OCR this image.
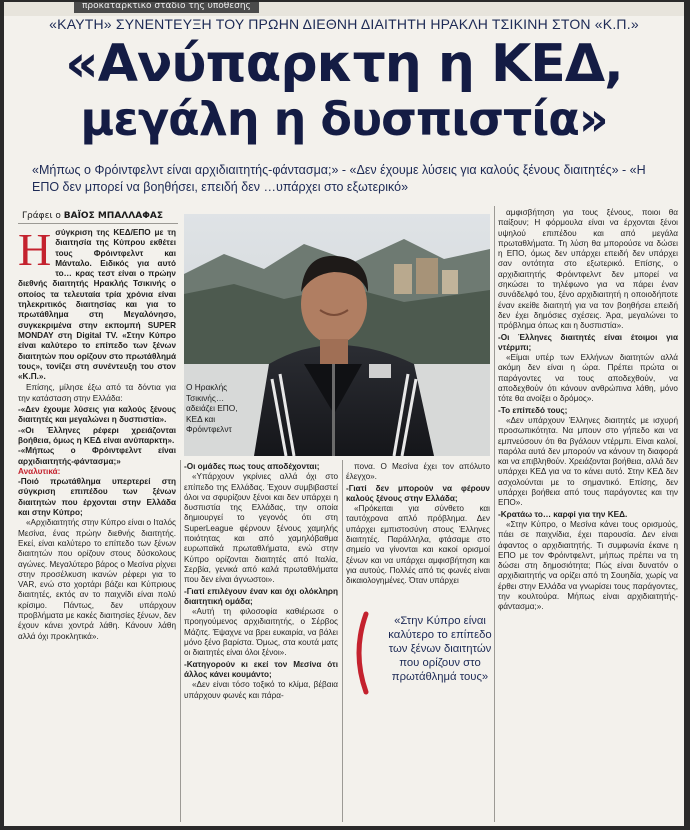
προκαταρκτικό στάδιο της υπόθεσης
«ΚΑΥΤΗ» ΣΥΝΕΝΤΕΥΞΗ ΤΟΥ ΠΡΩΗΝ ΔΙΕΘΝΗ ΔΙΑΙΤΗΤΗ ΗΡΑΚΛΗ ΤΣΙΚΙΝΗ ΣΤΟΝ «Κ.Π.»
«Ανύπαρκτη η ΚΕΔ,
μεγάλη η δυσπιστία»
«Μήπως ο Φρόιντφελντ είναι αρχιδιαιτητής-φάντασμα;» - «Δεν έχουμε λύσεις για καλούς ξένους διαιτητές» - «Η ΕΠΟ δεν μπορεί να βοηθήσει, επειδή δεν …υπάρχει στο εξωτερικό»
Γράφει ο ΒΑΪΟΣ ΜΠΑΛΛΑΦΑΣ
Η σύγκριση της ΚΕΔ/ΕΠΟ με τη διαιτησία της Κύπρου εκθέτει τους Φρόιντφελντ και Μάνταλο. Ειδικός για αυτό το… κρας τεστ είναι ο πρώην διεθνής διαιτητής Ηρακλής Τσικινής ο οποίος τα τελευταία τρία χρόνια είναι τηλεκριτικός διαιτησίας και για το πρωτάθλημα στη Μεγαλόνησο, συγκεκριμένα στην εκπομπή SUPER MONDAY στη Digital TV. «Στην Κύπρο είναι καλύτερο το επίπεδο των ξένων διαιτητών που ορίζουν στο πρωτάθλημά τους», τονίζει στη συνέντευξη του στον «Κ.Π.».

Επίσης, μίλησε έξω από τα δόντια για την κατάσταση στην Ελλάδα:

-«Δεν έχουμε λύσεις για καλούς ξένους διαιτητές και μεγαλώνει η δυσπιστία».

-«Οι Έλληνες ρέφερι χρειάζονται βοήθεια, όμως η ΚΕΔ είναι ανύπαρκτη».

-«Μήπως ο Φρόιντφελντ είναι αρχιδιαιτητής-φάντασμα;»

Αναλυτικά:

-Ποιό πρωτάθλημα υπερτερεί στη σύγκριση επιπέδου των ξένων διαιτητών που έρχονται στην Ελλάδα και στην Κύπρο;

«Αρχιδιαιτητής στην Κύπρο είναι ο Ιταλός Μεσίνα, ένας πρώην διεθνής διαιτητής. Εκεί, είναι καλύτερο το επίπεδο των ξένων διαιτητών που ορίζουν στους δύσκολους αγώνες. Μεγαλύτερο βάρος ο Μεσίνα ρίχνει στην προσέλκυση ικανών ρέφερι για το VAR, ενώ στο χορτάρι βάζει και Κύπριους διαιτητές, εκτός αν το παιχνίδι είναι πολύ κρίσιμο. Πάντως, δεν υπάρχουν προβλήματα με κακές διαιτησίες ξένων, δεν έχουν κάνει χοντρά λάθη. Κάνουν λάθη αλλά όχι προκλητικά».

Ο Ηρακλής Τσικινής… αδειάζει ΕΠΟ, ΚΕΔ και Φρόιντφελντ

-Οι ομάδες πως τους αποδέχονται;

«Υπάρχουν γκρίνιες αλλά όχι στο επίπεδο της Ελλάδας. Έχουν συμβιβαστεί όλοι να σφυρίζουν ξένοι και δεν υπάρχει η δυσπιστία της Ελλάδας, την οποία δημιουργεί το γεγονός ότι στη SuperLeague φέρνουν ξένους χαμηλής ποιότητας και από χαμηλόβαθμα ευρωπαϊκά πρωταθλήματα, ενώ στην Κύπρο ορίζονται διαιτητές από Ιταλία, Σερβία, γενικά από καλά πρωταθλήματα που δεν είναι άγνωστοι».

-Γιατί επιλέγουν έναν και όχι ολόκληρη διαιτητική ομάδα;

«Αυτή τη φιλοσοφία καθιέρωσε ο προηγούμενος αρχιδιαιτητής, ο Σέρβος Μάζιτς. Έψαχνε να βρει ευκαιρία, να βάλει μόνο ξένο βαρίστα. Όμως, στα κουτά ματς οι διαιτητές είναι όλοι ξένοι».

-Κατηγορούν κι εκεί τον Μεσίνα ότι άλλος κάνει κουμάντο;

«Δεν είναι τόσο τοξικό το κλίμα, βέβαια υπάρχουν φωνές και πάρα-

πονα. Ο Μεσίνα έχει τον απόλυτο έλεγχο».

-Γιατί δεν μπορούν να φέρουν καλούς ξένους στην Ελλάδα;

«Πρόκειται για σύνθετο και ταυτόχρονα απλό πρόβλημα. Δεν υπάρχει εμπιστοσύνη στους Έλληνες διαιτητές. Παράλληλα, φτάσαμε στο σημείο να γίνονται και κακοί ορισμοί ξένων και να υπάρχει αμφισβήτηση και για αυτούς. Πολλές από τις φωνές είναι δικαιολογημένες. Όταν υπάρχει

«Στην Κύπρο είναι καλύτερο το επίπεδο των ξένων διαιτητών που ορίζουν στο πρωτάθλημά τους»

αμφισβήτηση για τους ξένους, ποιοι θα παίξουν; Η φόρμουλα είναι να έρχονται ξένοι υψηλού επιπέδου και από μεγάλα πρωταθλήματα. Τη λύση θα μπορούσε να δώσει η ΕΠΟ, όμως δεν υπάρχει επειδή δεν υπάρχει σαν οντότητα στο εξωτερικό. Επίσης, ο αρχιδιαιτητής Φρόιντφελντ δεν μπορεί να σηκώσει το τηλέφωνο για να πάρει έναν συνάδελφό του, ξένο αρχιδιαιτητή η οποιοδήποτε έναν εκείθε διαιτητή για να τον βοηθήσει επειδή δεν έχει δημόσιες σχέσεις. Άρα, μεγαλώνει το πρόβλημα όπως και η δυσπιστία».

-Οι Έλληνες διαιτητές είναι έτοιμοι για ντέρμπι;

«Είμαι υπέρ των Ελλήνων διαιτητών αλλά ακόμη δεν είναι η ώρα. Πρέπει πρώτα οι παράγοντες να τους αποδεχθούν, να αποδεχθούν ότι κάνουν ανθρώπινα λάθη, μόνο τότε θα ανοίξει ο δρόμος».

-Το επίπεδό τους;

«Δεν υπάρχουν Έλληνες διαιτητές με ισχυρή προσωπικότητα. Να μπουν στο γήπεδο και να εμπνεύσουν ότι θα βγάλουν ντέρμπι. Είναι καλοί, παρόλα αυτά δεν μπορούν να κάνουν τη διαφορά και να επιβληθούν. Χρειάζονται βοήθεια, αλλά δεν υπάρχει ΚΕΔ για να το κάνει αυτό. Στην ΚΕΔ δεν ασχολούνται με το σημαντικό. Επίσης, δεν υπάρχει βοήθεια από τους παράγοντες και την ΕΠΟ».

-Κρατάω το… καρφί για την ΚΕΔ.

«Στην Κύπρο, ο Μεσίνα κάνει τους ορισμούς, πάει σε παιχνίδια, έχει παρουσία. Δεν είναι άφαντος ο αρχιδιαιτητής. Τι συμφωνία έκανε η ΕΠΟ με τον Φρόιντφελντ, μήπως πρέπει να τη δώσει στη δημοσιότητα; Πώς είναι δυνατόν ο αρχιδιαιτητής να ορίζει από τη Σουηδία, χωρίς να έρθει στην Ελλάδα να γνωρίσει τους παράγοντες, την κουλτούρα. Μήπως είναι αρχιδιαιτητής-φάντασμα;».
